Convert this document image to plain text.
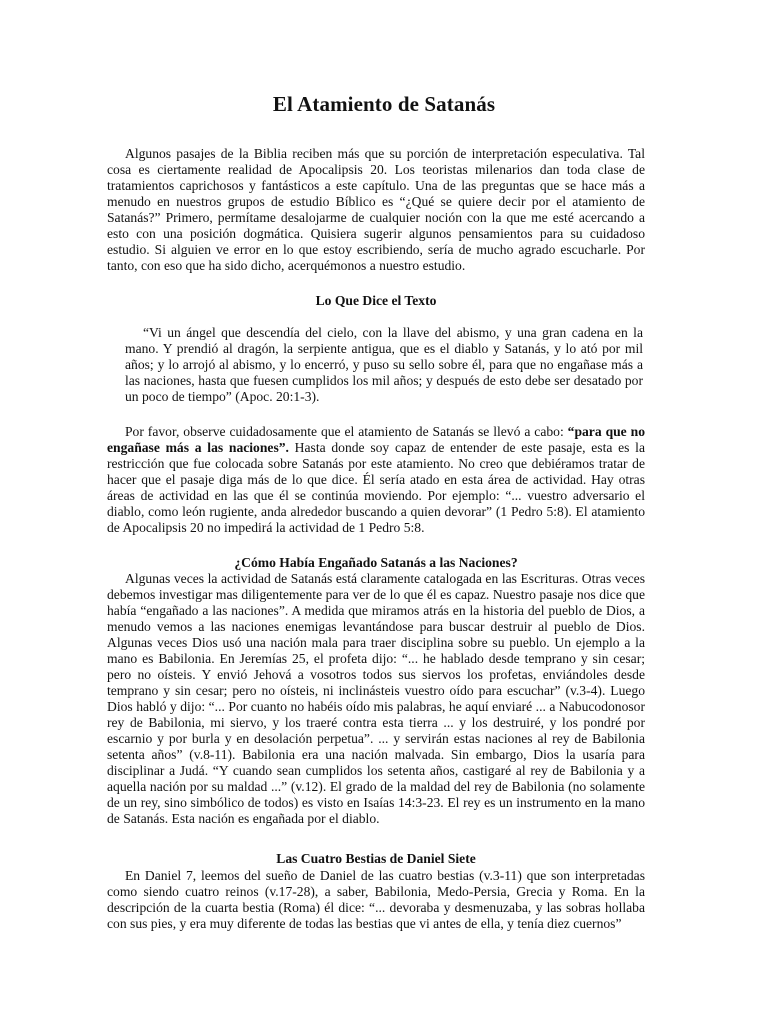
El Atamiento de Satanás

Algunos pasajes de la Biblia reciben más que su porción de interpretación especulativa. Tal cosa es ciertamente realidad de Apocalipsis 20. Los teoristas milenarios dan toda clase de tratamientos caprichosos y fantásticos a este capítulo. Una de las preguntas que se hace más a menudo en nuestros grupos de estudio Bíblico es “¿Qué se quiere decir por el atamiento de Satanás?” Primero, permítame desalojarme de cualquier noción con la que me esté acercando a esto con una posición dogmática. Quisiera sugerir algunos pensamientos para su cuidadoso estudio. Si alguien ve error en lo que estoy escribiendo, sería de mucho agrado escucharle. Por tanto, con eso que ha sido dicho, acerquémonos a nuestro estudio.

Lo Que Dice el Texto

“Vi un ángel que descendía del cielo, con la llave del abismo, y una gran cadena en la mano. Y prendió al dragón, la serpiente antigua, que es el diablo y Satanás, y lo ató por mil años; y lo arrojó al abismo, y lo encerró, y puso su sello sobre él, para que no engañase más a las naciones, hasta que fuesen cumplidos los mil años; y después de esto debe ser desatado por un poco de tiempo” (Apoc. 20:1-3).

Por favor, observe cuidadosamente que el atamiento de Satanás se llevó a cabo: “para que no engañase más a las naciones”. Hasta donde soy capaz de entender de este pasaje, esta es la restricción que fue colocada sobre Satanás por este atamiento. No creo que debiéramos tratar de hacer que el pasaje diga más de lo que dice. Él sería atado en esta área de actividad. Hay otras áreas de actividad en las que él se continúa moviendo. Por ejemplo: “... vuestro adversario el diablo, como león rugiente, anda alrededor buscando a quien devorar” (1 Pedro 5:8). El atamiento de Apocalipsis 20 no impedirá la actividad de 1 Pedro 5:8.

¿Cómo Había Engañado Satanás a las Naciones?

Algunas veces la actividad de Satanás está claramente catalogada en las Escrituras. Otras veces debemos investigar mas diligentemente para ver de lo que él es capaz. Nuestro pasaje nos dice que había “engañado a las naciones”. A medida que miramos atrás en la historia del pueblo de Dios, a menudo vemos a las naciones enemigas levantándose para buscar destruir al pueblo de Dios. Algunas veces Dios usó una nación mala para traer disciplina sobre su pueblo. Un ejemplo a la mano es Babilonia. En Jeremías 25, el profeta dijo: “... he hablado desde temprano y sin cesar; pero no oísteis. Y envió Jehová a vosotros todos sus siervos los profetas, enviándoles desde temprano y sin cesar; pero no oísteis, ni inclinásteis vuestro oído para escuchar” (v.3-4). Luego Dios habló y dijo: “... Por cuanto no habéis oído mis palabras, he aquí enviaré ... a Nabucodonosor rey de Babilonia, mi siervo, y los traeré contra esta tierra ... y los destruiré, y los pondré por escarnio y por burla y en desolación perpetua”. ... y servirán estas naciones al rey de Babilonia setenta años” (v.8-11). Babilonia era una nación malvada. Sin embargo, Dios la usaría para disciplinar a Judá. “Y cuando sean cumplidos los setenta años, castigaré al rey de Babilonia y a aquella nación por su maldad ...” (v.12). El grado de la maldad del rey de Babilonia (no solamente de un rey, sino simbólico de todos) es visto en Isaías 14:3-23. El rey es un instrumento en la mano de Satanás. Esta nación es engañada por el diablo.

Las Cuatro Bestias de Daniel Siete

En Daniel 7, leemos del sueño de Daniel de las cuatro bestias (v.3-11) que son interpretadas como siendo cuatro reinos (v.17-28), a saber, Babilonia, Medo-Persia, Grecia y Roma. En la descripción de la cuarta bestia (Roma) él dice: “... devoraba y desmenuzaba, y las sobras hollaba con sus pies, y era muy diferente de todas las bestias que vi antes de ella, y tenía diez cuernos”
